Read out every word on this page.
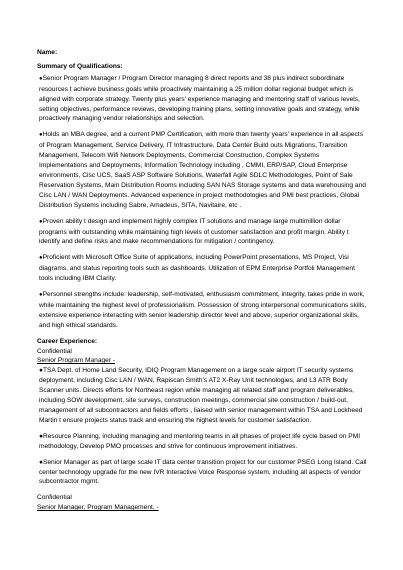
Name:
Summary of Qualifications:
●Senior Program Manager / Program Director managing 8 direct reports and 38 plus indirect subordinate resources t achieve business goals while proactively maintaining a 25 million dollar regional budget which is aligned with corporate strategy. Twenty plus years' experience managing and mentoring staff of various levels, setting objectives, performance reviews, developing training plans, setting innovative goals and strategy, while proactively managing vendor relationships and selection.
●Holds an MBA degree, and a current PMP Certification, with more than twenty years' experience in all aspects of Program Management, Service Delivery, IT Infrastructure, Data Center Build outs Migrations, Transition Management, Telecom Wifi Network Deployments, Commercial Construction, Complex Systems Implementations and Deployments, Information Technology including , CMMI, ERP/SAP, Cloud Enterprise environments, Cisc UCS, SaaS ASP Software Solutions, Waterfall Agile SDLC Methodologies, Point of Sale Reservation Systems, Main Distribution Rooms including SAN NAS Storage systems and data warehousing and Cisc LAN / WAN Deployments. Advanced experience in project methodologies and PMI best practices, Global Distribution Systems including Sabre, Amadeus, SITA, Navitaire, etc .
●Proven ability t design and implement highly complex IT solutions and manage large multimillion dollar programs with outstanding while maintaining high levels of customer satisfaction and profit margin. Ability t identify and define risks and make recommendations for mitigation / contingency.
●Proficient with Microsoft Office Suite of applications, including PowerPoint presentations, MS Project, Visi diagrams, and status reporting tools such as dashboards. Utilization of EPM Enterprise Portfoli Management tools including IBM Clarity.
●Personnel strengths include: leadership, self-motivated, enthusiasm commitment, integrity, takes pride in work, while maintaining the highest level of professionalism. Possession of strong interpersonal communications skills, extensive experience interacting with senior leadership director level and above, superior organizational skills, and high ethical standards.
Career Experience:
Confidential
Senior Program Manager -
●TSA Dept. of Home Land Security, IDIQ Program Management on a large scale airport IT security systems deployment, including Cisc LAN / WAN, Rapiscan Smith's AT2 X-Ray Unit technologies, and L3 ATR Body Scanner units. Directs efforts for Northeast region while managing all related staff and program deliverables, including SOW development, site surveys, construction meetings, commercial site construction / build-out, management of all subcontractors and fields efforts , liaised with senior management within TSA and Lockheed Martin t ensure projects status track and ensuring the highest levels for customer satisfaction.
●Resource Planning, including managing and mentoring teams in all phases of project life cycle based on PMI methodology, Develop PMO processes and strive for continuous improvement initiatives.
●Senior Manager as part of large scale IT data center transition project for our customer PSEG Long Island. Call center technology upgrade for the new IVR Interactive Voice Response system, including all aspects of vendor subcontractor mgmt.
Confidential
Senior Manager, Program Management, -
